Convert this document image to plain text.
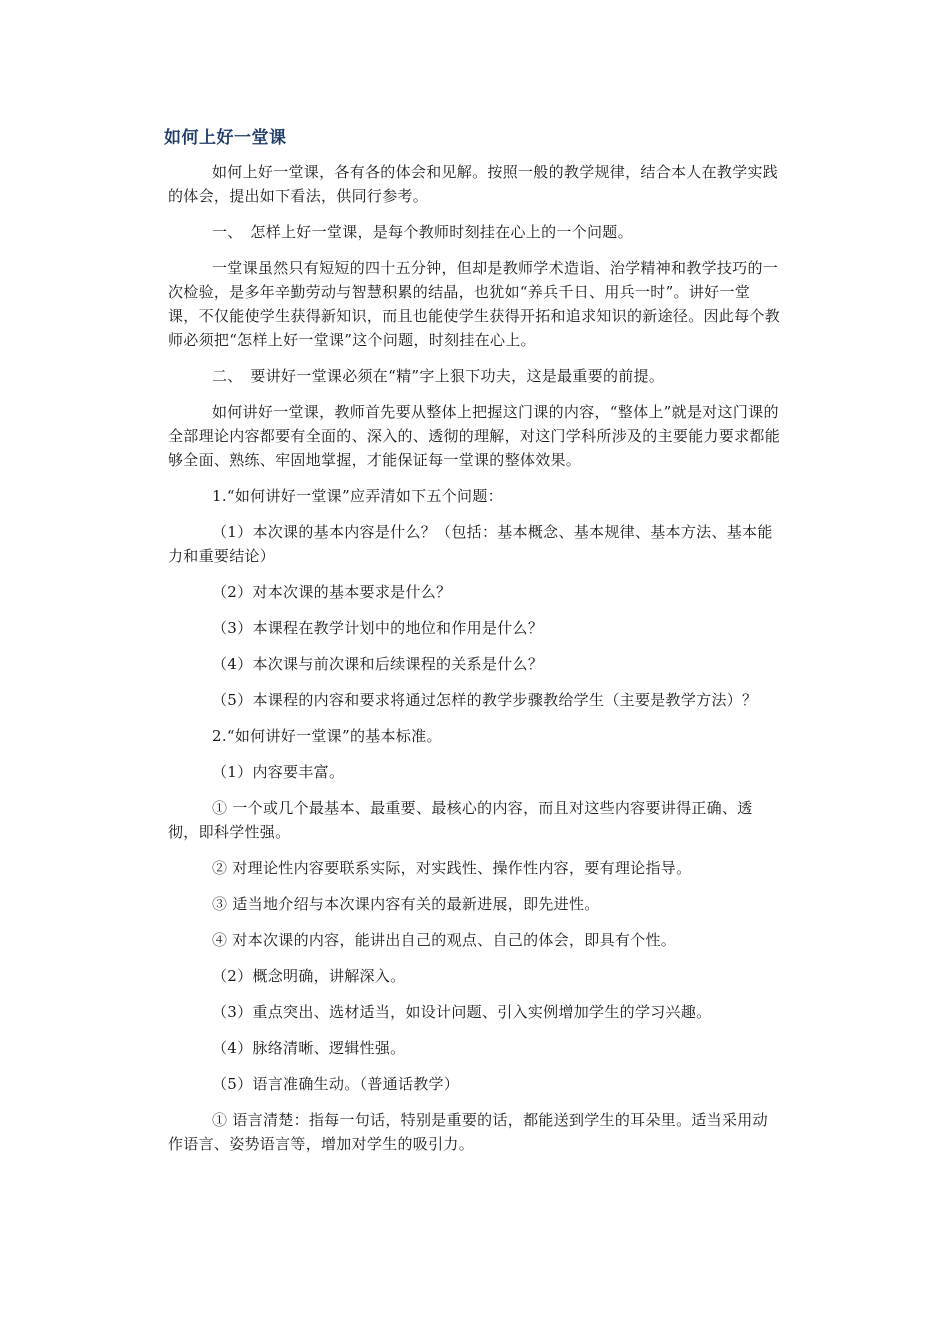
如何上好一堂课

如何上好一堂课，各有各的体会和见解。按照一般的教学规律，结合本人在教学实践的体会，提出如下看法，供同行参考。

一、　怎样上好一堂课，是每个教师时刻挂在心上的一个问题。

一堂课虽然只有短短的四十五分钟，但却是教师学术造诣、治学精神和教学技巧的一次检验，是多年辛勤劳动与智慧积累的结晶，也犹如“养兵千日、用兵一时”。讲好一堂课，不仅能使学生获得新知识，而且也能使学生获得开拓和追求知识的新途径。因此每个教师必须把“怎样上好一堂课”这个问题，时刻挂在心上。

二、　要讲好一堂课必须在“精”字上狠下功夫，这是最重要的前提。

如何讲好一堂课，教师首先要从整体上把握这门课的内容，“整体上”就是对这门课的全部理论内容都要有全面的、深入的、透彻的理解，对这门学科所涉及的主要能力要求都能够全面、熟练、牢固地掌握，才能保证每一堂课的整体效果。

1.“如何讲好一堂课”应弄清如下五个问题：

（1）本次课的基本内容是什么？（包括：基本概念、基本规律、基本方法、基本能力和重要结论）

（2）对本次课的基本要求是什么？

（3）本课程在教学计划中的地位和作用是什么？

（4）本次课与前次课和后续课程的关系是什么？

（5）本课程的内容和要求将通过怎样的教学步骤教给学生（主要是教学方法）？

2.“如何讲好一堂课”的基本标准。

（1）内容要丰富。

① 一个或几个最基本、最重要、最核心的内容，而且对这些内容要讲得正确、透彻，即科学性强。

② 对理论性内容要联系实际，对实践性、操作性内容，要有理论指导。

③ 适当地介绍与本次课内容有关的最新进展，即先进性。

④ 对本次课的内容，能讲出自己的观点、自己的体会，即具有个性。

（2）概念明确，讲解深入。

（3）重点突出、选材适当，如设计问题、引入实例增加学生的学习兴趣。

（4）脉络清晰、逻辑性强。

（5）语言准确生动。（普通话教学）

① 语言清楚：指每一句话，特别是重要的话，都能送到学生的耳朵里。适当采用动作语言、姿势语言等，增加对学生的吸引力。
